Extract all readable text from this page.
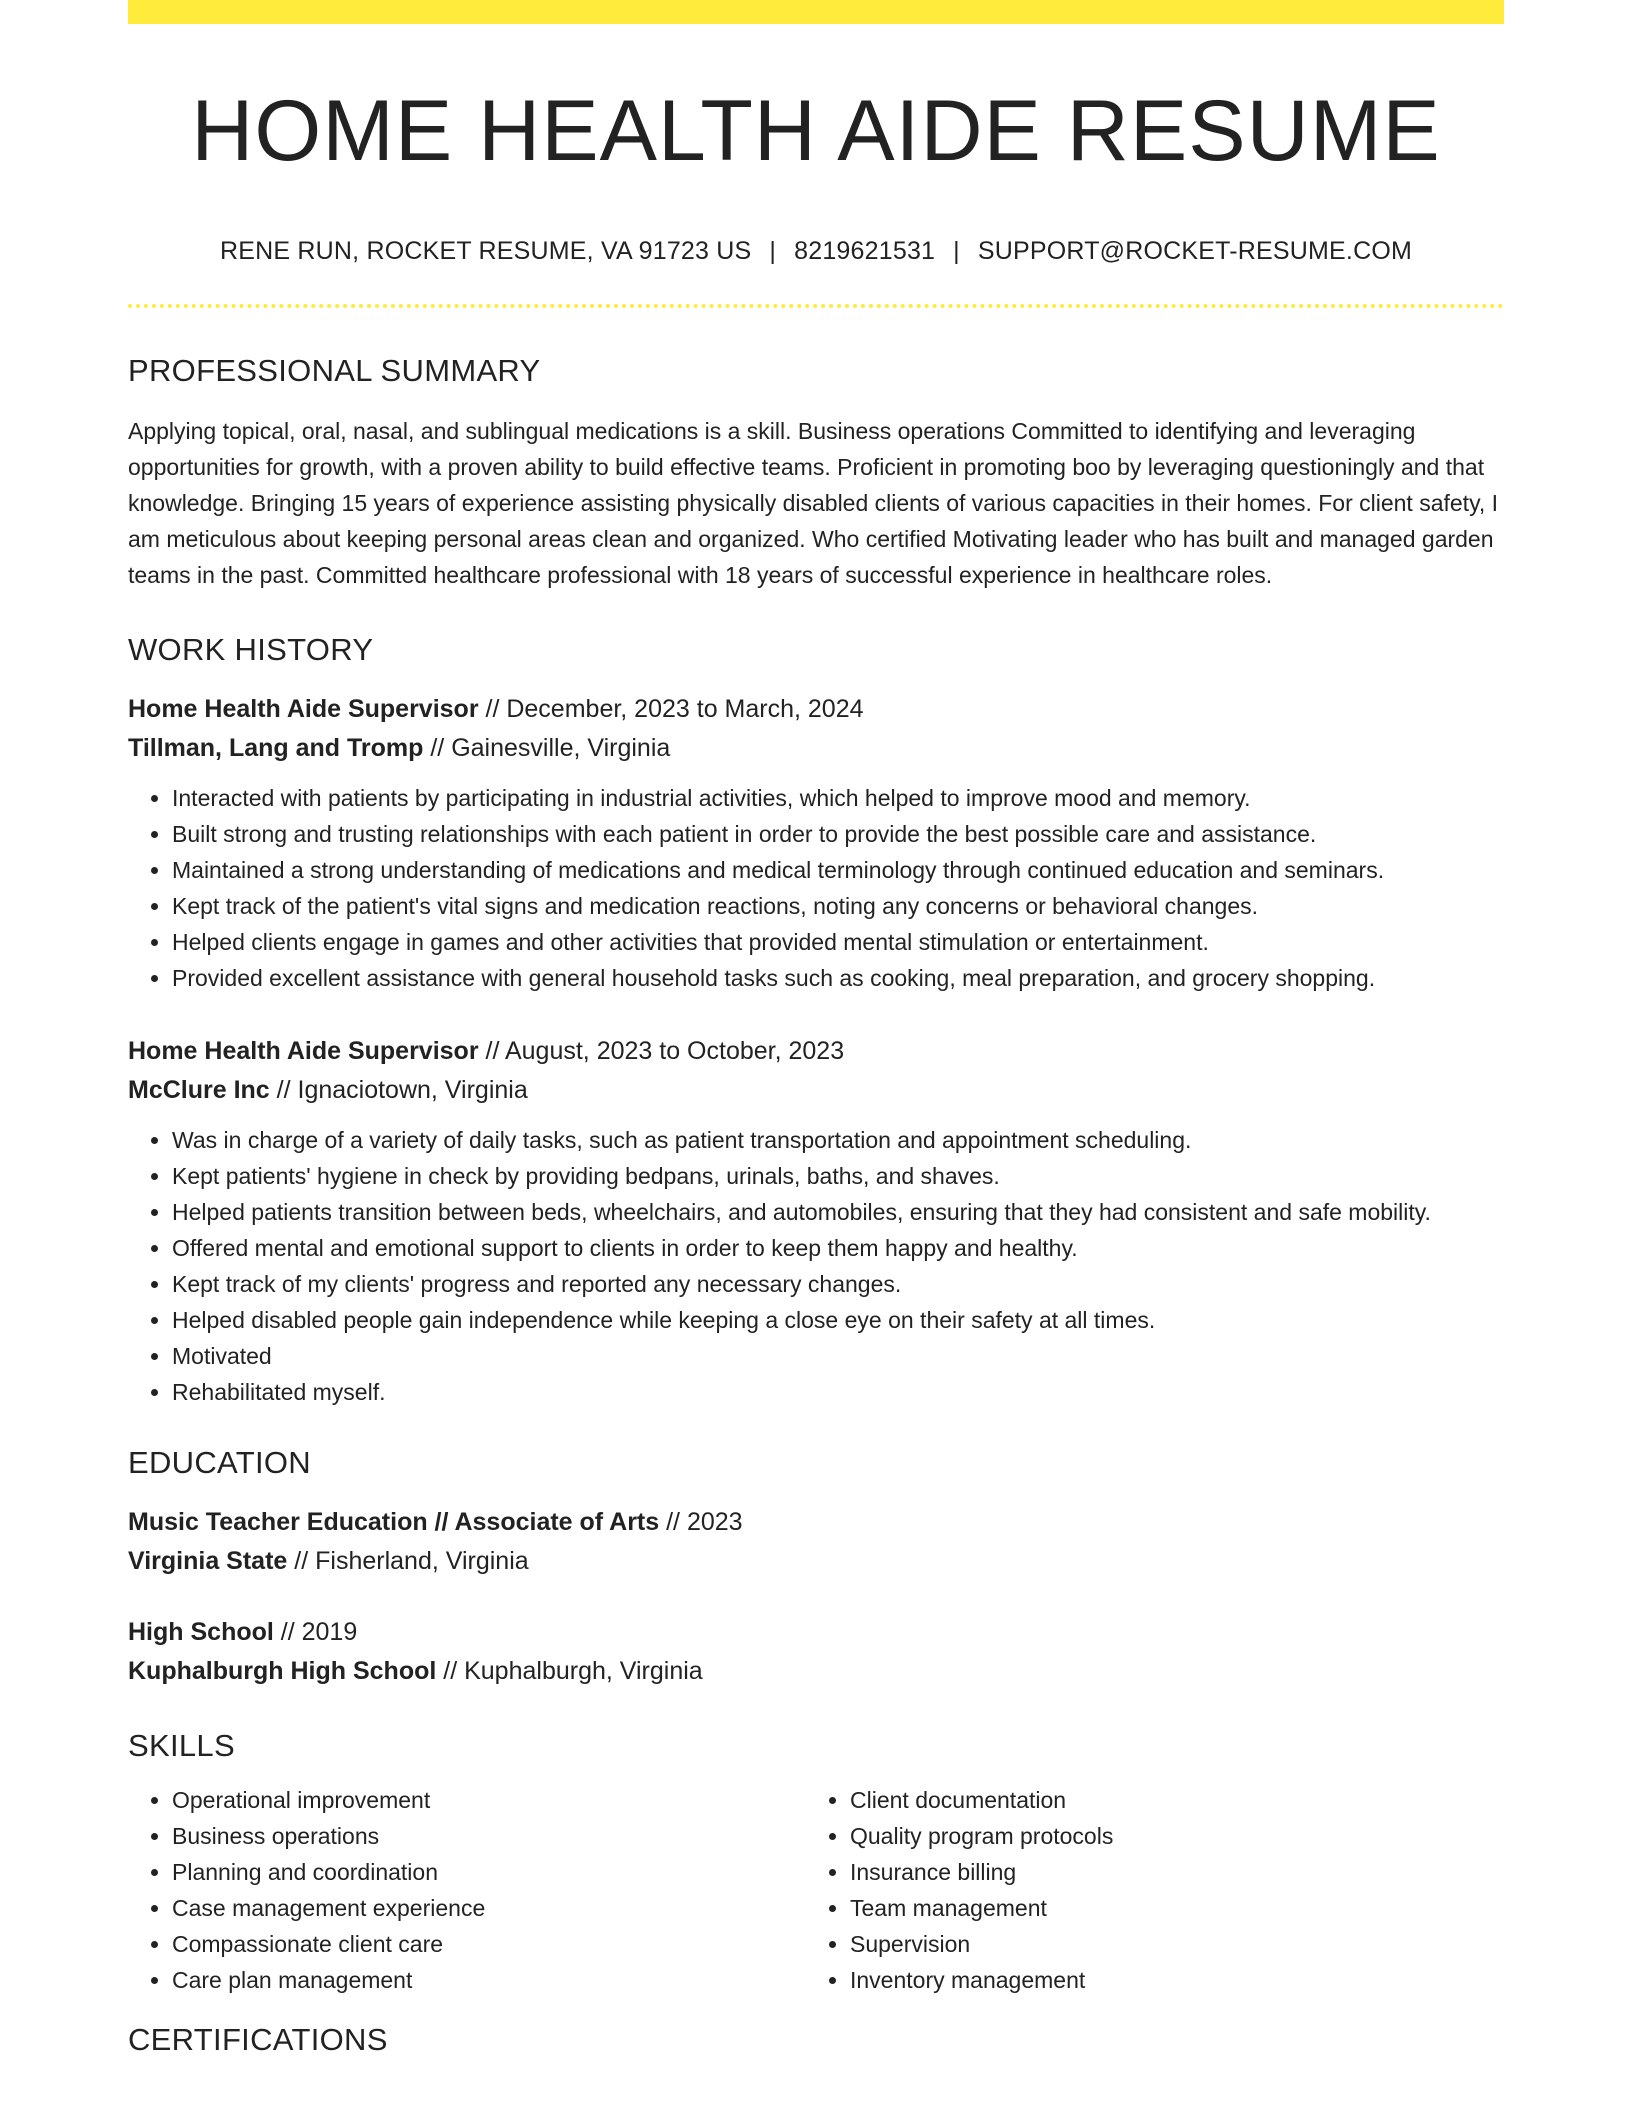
HOME HEALTH AIDE RESUME
RENE RUN, ROCKET RESUME, VA 91723 US | 8219621531 | SUPPORT@ROCKET-RESUME.COM
PROFESSIONAL SUMMARY
Applying topical, oral, nasal, and sublingual medications is a skill. Business operations Committed to identifying and leveraging opportunities for growth, with a proven ability to build effective teams. Proficient in promoting boo by leveraging questioningly and that knowledge. Bringing 15 years of experience assisting physically disabled clients of various capacities in their homes. For client safety, I am meticulous about keeping personal areas clean and organized. Who certified Motivating leader who has built and managed garden teams in the past. Committed healthcare professional with 18 years of successful experience in healthcare roles.
WORK HISTORY
Home Health Aide Supervisor // December, 2023 to March, 2024
Tillman, Lang and Tromp // Gainesville, Virginia
• Interacted with patients by participating in industrial activities, which helped to improve mood and memory.
• Built strong and trusting relationships with each patient in order to provide the best possible care and assistance.
• Maintained a strong understanding of medications and medical terminology through continued education and seminars.
• Kept track of the patient's vital signs and medication reactions, noting any concerns or behavioral changes.
• Helped clients engage in games and other activities that provided mental stimulation or entertainment.
• Provided excellent assistance with general household tasks such as cooking, meal preparation, and grocery shopping.
Home Health Aide Supervisor // August, 2023 to October, 2023
McClure Inc // Ignaciotown, Virginia
• Was in charge of a variety of daily tasks, such as patient transportation and appointment scheduling.
• Kept patients' hygiene in check by providing bedpans, urinals, baths, and shaves.
• Helped patients transition between beds, wheelchairs, and automobiles, ensuring that they had consistent and safe mobility.
• Offered mental and emotional support to clients in order to keep them happy and healthy.
• Kept track of my clients' progress and reported any necessary changes.
• Helped disabled people gain independence while keeping a close eye on their safety at all times.
• Motivated
• Rehabilitated myself.
EDUCATION
Music Teacher Education // Associate of Arts // 2023
Virginia State // Fisherland, Virginia
High School // 2019
Kuphalburgh High School // Kuphalburgh, Virginia
SKILLS
• Operational improvement
• Business operations
• Planning and coordination
• Case management experience
• Compassionate client care
• Care plan management
• Client documentation
• Quality program protocols
• Insurance billing
• Team management
• Supervision
• Inventory management
CERTIFICATIONS
